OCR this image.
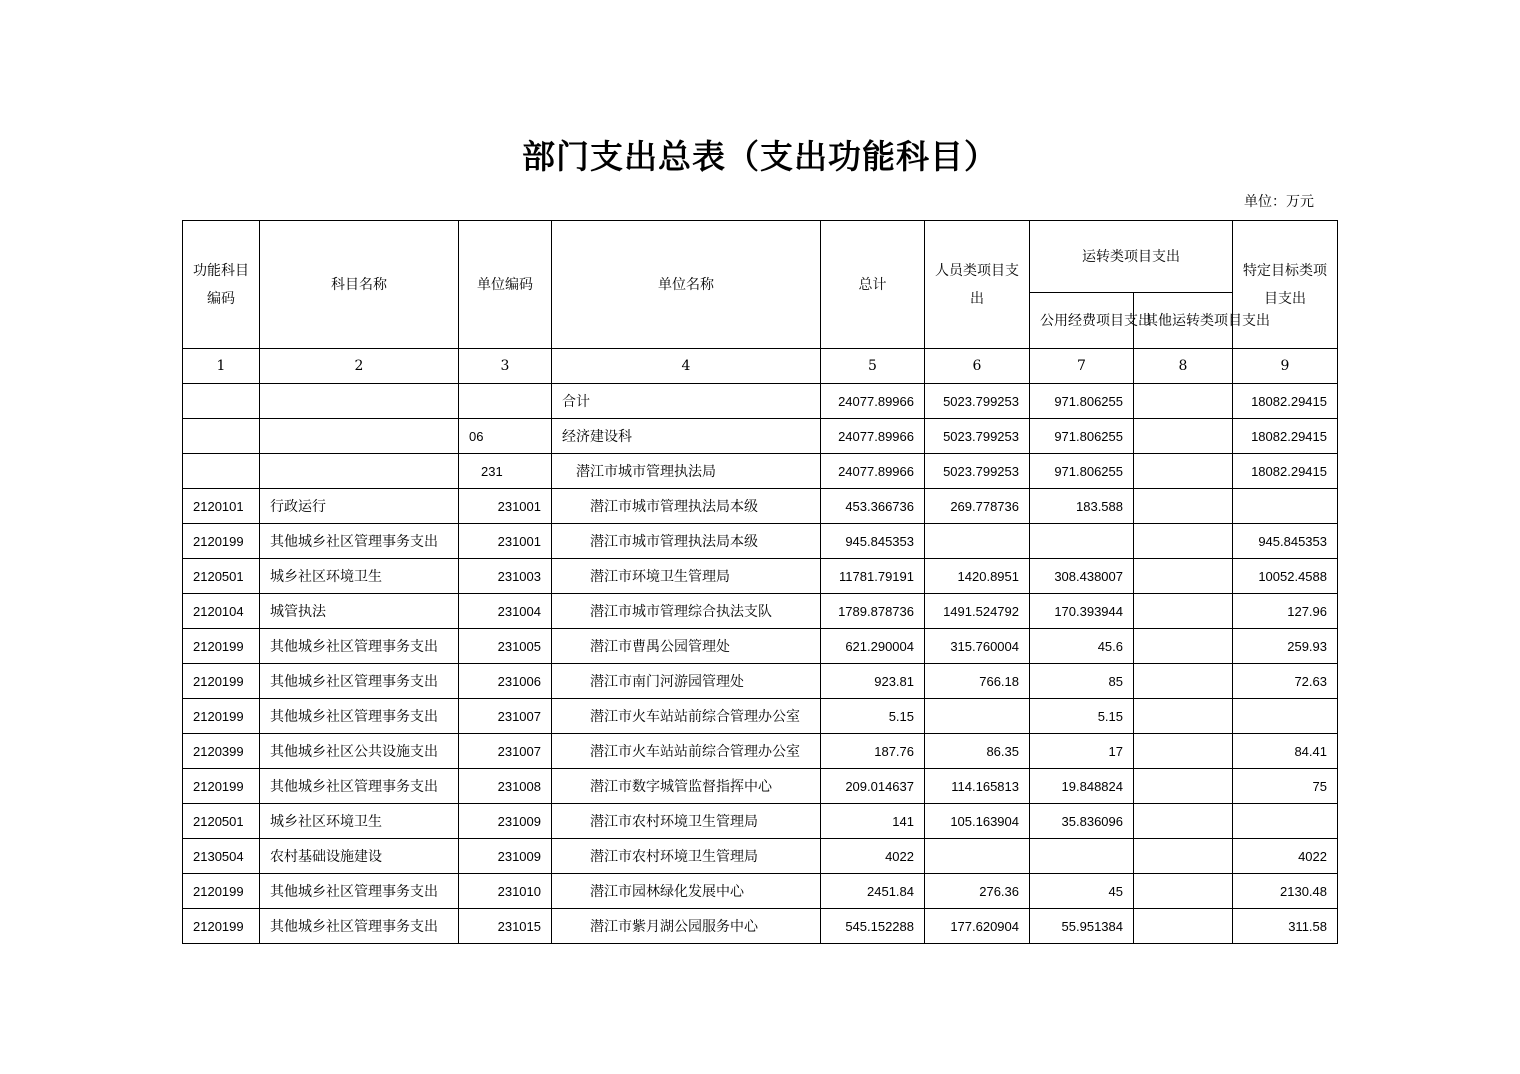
部门支出总表（支出功能科目）
单位：万元
功能科目编码	科目名称	单位编码	单位名称	总计	人员类项目支出	运转类项目支出		特定目标类项目支出
						公用经费项目支出	其他运转类项目支出	
1	2	3	4	5	6	7	8	9
			合计	24077.89966	5023.799253	971.806255		18082.29415
		06	经济建设科	24077.89966	5023.799253	971.806255		18082.29415
		231	潜江市城市管理执法局	24077.89966	5023.799253	971.806255		18082.29415
2120101	行政运行	231001	潜江市城市管理执法局本级	453.366736	269.778736	183.588		
2120199	其他城乡社区管理事务支出	231001	潜江市城市管理执法局本级	945.845353				945.845353
2120501	城乡社区环境卫生	231003	潜江市环境卫生管理局	11781.79191	1420.8951	308.438007		10052.4588
2120104	城管执法	231004	潜江市城市管理综合执法支队	1789.878736	1491.524792	170.393944		127.96
2120199	其他城乡社区管理事务支出	231005	潜江市曹禺公园管理处	621.290004	315.760004	45.6		259.93
2120199	其他城乡社区管理事务支出	231006	潜江市南门河游园管理处	923.81	766.18	85		72.63
2120199	其他城乡社区管理事务支出	231007	潜江市火车站站前综合管理办公室	5.15		5.15		
2120399	其他城乡社区公共设施支出	231007	潜江市火车站站前综合管理办公室	187.76	86.35	17		84.41
2120199	其他城乡社区管理事务支出	231008	潜江市数字城管监督指挥中心	209.014637	114.165813	19.848824		75
2120501	城乡社区环境卫生	231009	潜江市农村环境卫生管理局	141	105.163904	35.836096		
2130504	农村基础设施建设	231009	潜江市农村环境卫生管理局	4022				4022
2120199	其他城乡社区管理事务支出	231010	潜江市园林绿化发展中心	2451.84	276.36	45		2130.48
2120199	其他城乡社区管理事务支出	231015	潜江市紫月湖公园服务中心	545.152288	177.620904	55.951384		311.58
